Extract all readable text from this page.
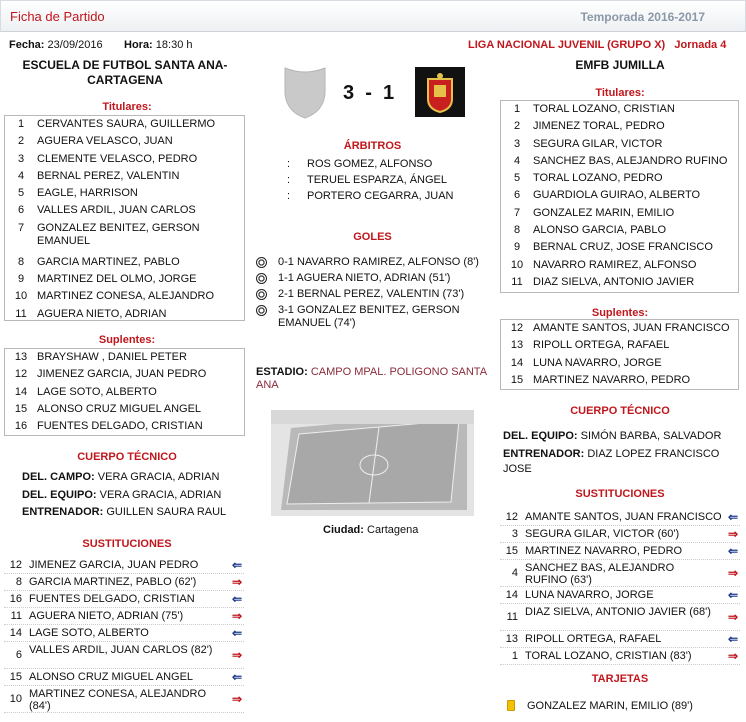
Ficha de Partido	Temporada 2016-2017
Fecha: 23/09/2016 Hora: 18:30 h	LIGA NACIONAL JUVENIL (GRUPO X) Jornada 4
ESCUELA DE FUTBOL SANTA ANA-CARTAGENA
EMFB JUMILLA
3 - 1
Titulares:
1	CERVANTES SAURA, GUILLERMO
2	AGUERA VELASCO, JUAN
3	CLEMENTE VELASCO, PEDRO
4	BERNAL PEREZ, VALENTIN
5	EAGLE, HARRISON
6	VALLES ARDIL, JUAN CARLOS
7	GONZALEZ BENITEZ, GERSON EMANUEL
8	GARCIA MARTINEZ, PABLO
9	MARTINEZ DEL OLMO, JORGE
10 MARTINEZ CONESA, ALEJANDRO
11 AGUERA NIETO, ADRIAN
Suplentes:
13 BRAYSHAW , DANIEL PETER
12 JIMENEZ GARCIA, JUAN PEDRO
14 LAGE SOTO, ALBERTO
15 ALONSO CRUZ MIGUEL ANGEL
16 FUENTES DELGADO, CRISTIAN
CUERPO TÉCNICO
DEL. CAMPO: VERA GRACIA, ADRIAN
DEL. EQUIPO: VERA GRACIA, ADRIAN
ENTRENADOR: GUILLEN SAURA RAUL
SUSTITUCIONES
12 JIMENEZ GARCIA, JUAN PEDRO	⇐
8 GARCIA MARTINEZ, PABLO (62')	⇒
16 FUENTES DELGADO, CRISTIAN	⇐
11 AGUERA NIETO, ADRIAN (75')	⇒
14 LAGE SOTO, ALBERTO	⇐
6 VALLES ARDIL, JUAN CARLOS (82')	⇒
15 ALONSO CRUZ MIGUEL ANGEL	⇐
10 MARTINEZ CONESA, ALEJANDRO (84')	⇒
ÁRBITROS
: ROS GOMEZ, ALFONSO
: TERUEL ESPARZA, ÁNGEL
: PORTERO CEGARRA, JUAN
GOLES
0-1 NAVARRO RAMIREZ, ALFONSO (8')
1-1 AGUERA NIETO, ADRIAN (51')
2-1 BERNAL PEREZ, VALENTIN (73')
3-1 GONZALEZ BENITEZ, GERSON EMANUEL (74')
ESTADIO: CAMPO MPAL. POLIGONO SANTA ANA
Ciudad: Cartagena
Titulares:
1	TORAL LOZANO, CRISTIAN
2	JIMENEZ TORAL, PEDRO
3	SEGURA GILAR, VICTOR
4	SANCHEZ BAS, ALEJANDRO RUFINO
5	TORAL LOZANO, PEDRO
6	GUARDIOLA GUIRAO, ALBERTO
7	GONZALEZ MARIN, EMILIO
8	ALONSO GARCIA, PABLO
9	BERNAL CRUZ, JOSE FRANCISCO
10 NAVARRO RAMIREZ, ALFONSO
11 DIAZ SIELVA, ANTONIO JAVIER
Suplentes:
12 AMANTE SANTOS, JUAN FRANCISCO
13 RIPOLL ORTEGA, RAFAEL
14 LUNA NAVARRO, JORGE
15 MARTINEZ NAVARRO, PEDRO
CUERPO TÉCNICO
DEL. EQUIPO: SIMÓN BARBA, SALVADOR
ENTRENADOR: DIAZ LOPEZ FRANCISCO JOSE
SUSTITUCIONES
12 AMANTE SANTOS, JUAN FRANCISCO ⇐
3 SEGURA GILAR, VICTOR (60')	⇒
15 MARTINEZ NAVARRO, PEDRO	⇐
4 SANCHEZ BAS, ALEJANDRO RUFINO (63')	⇒
14 LUNA NAVARRO, JORGE	⇐
11 DIAZ SIELVA, ANTONIO JAVIER (68')	⇒
13 RIPOLL ORTEGA, RAFAEL	⇐
1 TORAL LOZANO, CRISTIAN (83')	⇒
TARJETAS
GONZALEZ MARIN, EMILIO (89')
